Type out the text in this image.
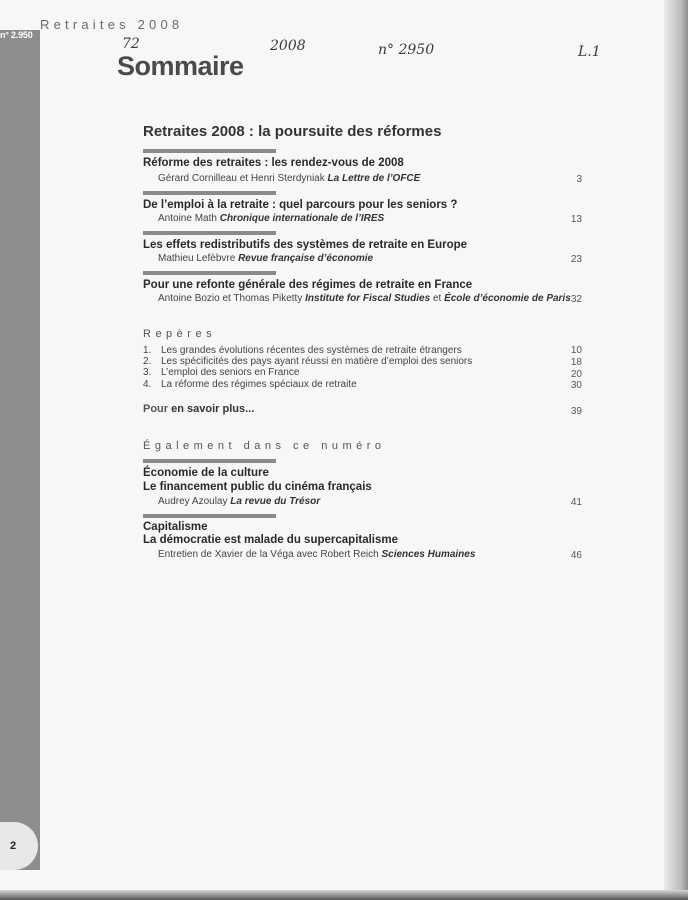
n° 2.950
2
Retraites 2008
Sommaire
72	2008	n° 2950	L.1
Retraites 2008 : la poursuite des réformes
Réforme des retraites : les rendez-vous de 2008
Gérard Cornilleau et Henri Sterdyniak La Lettre de l’OFCE	3
De l’emploi à la retraite : quel parcours pour les seniors ?
Antoine Math Chronique internationale de l’IRES	13
Les effets redistributifs des systèmes de retraite en Europe
Mathieu Lefèbvre Revue française d’économie	23
Pour une refonte générale des régimes de retraite en France
Antoine Bozio et Thomas Piketty Institute for Fiscal Studies et École d’économie de Paris 32
Repères
1. Les grandes évolutions récentes des systèmes de retraite étrangers	10
2. Les spécificités des pays ayant réussi en matière d’emploi des seniors	18
3. L’emploi des seniors en France	20
4. La réforme des régimes spéciaux de retraite	30
Pour en savoir plus...	39
Également dans ce numéro
Économie de la culture
Le financement public du cinéma français
Audrey Azoulay La revue du Trésor	41
Capitalisme
La démocratie est malade du supercapitalisme
Entretien de Xavier de la Véga avec Robert Reich Sciences Humaines	46
